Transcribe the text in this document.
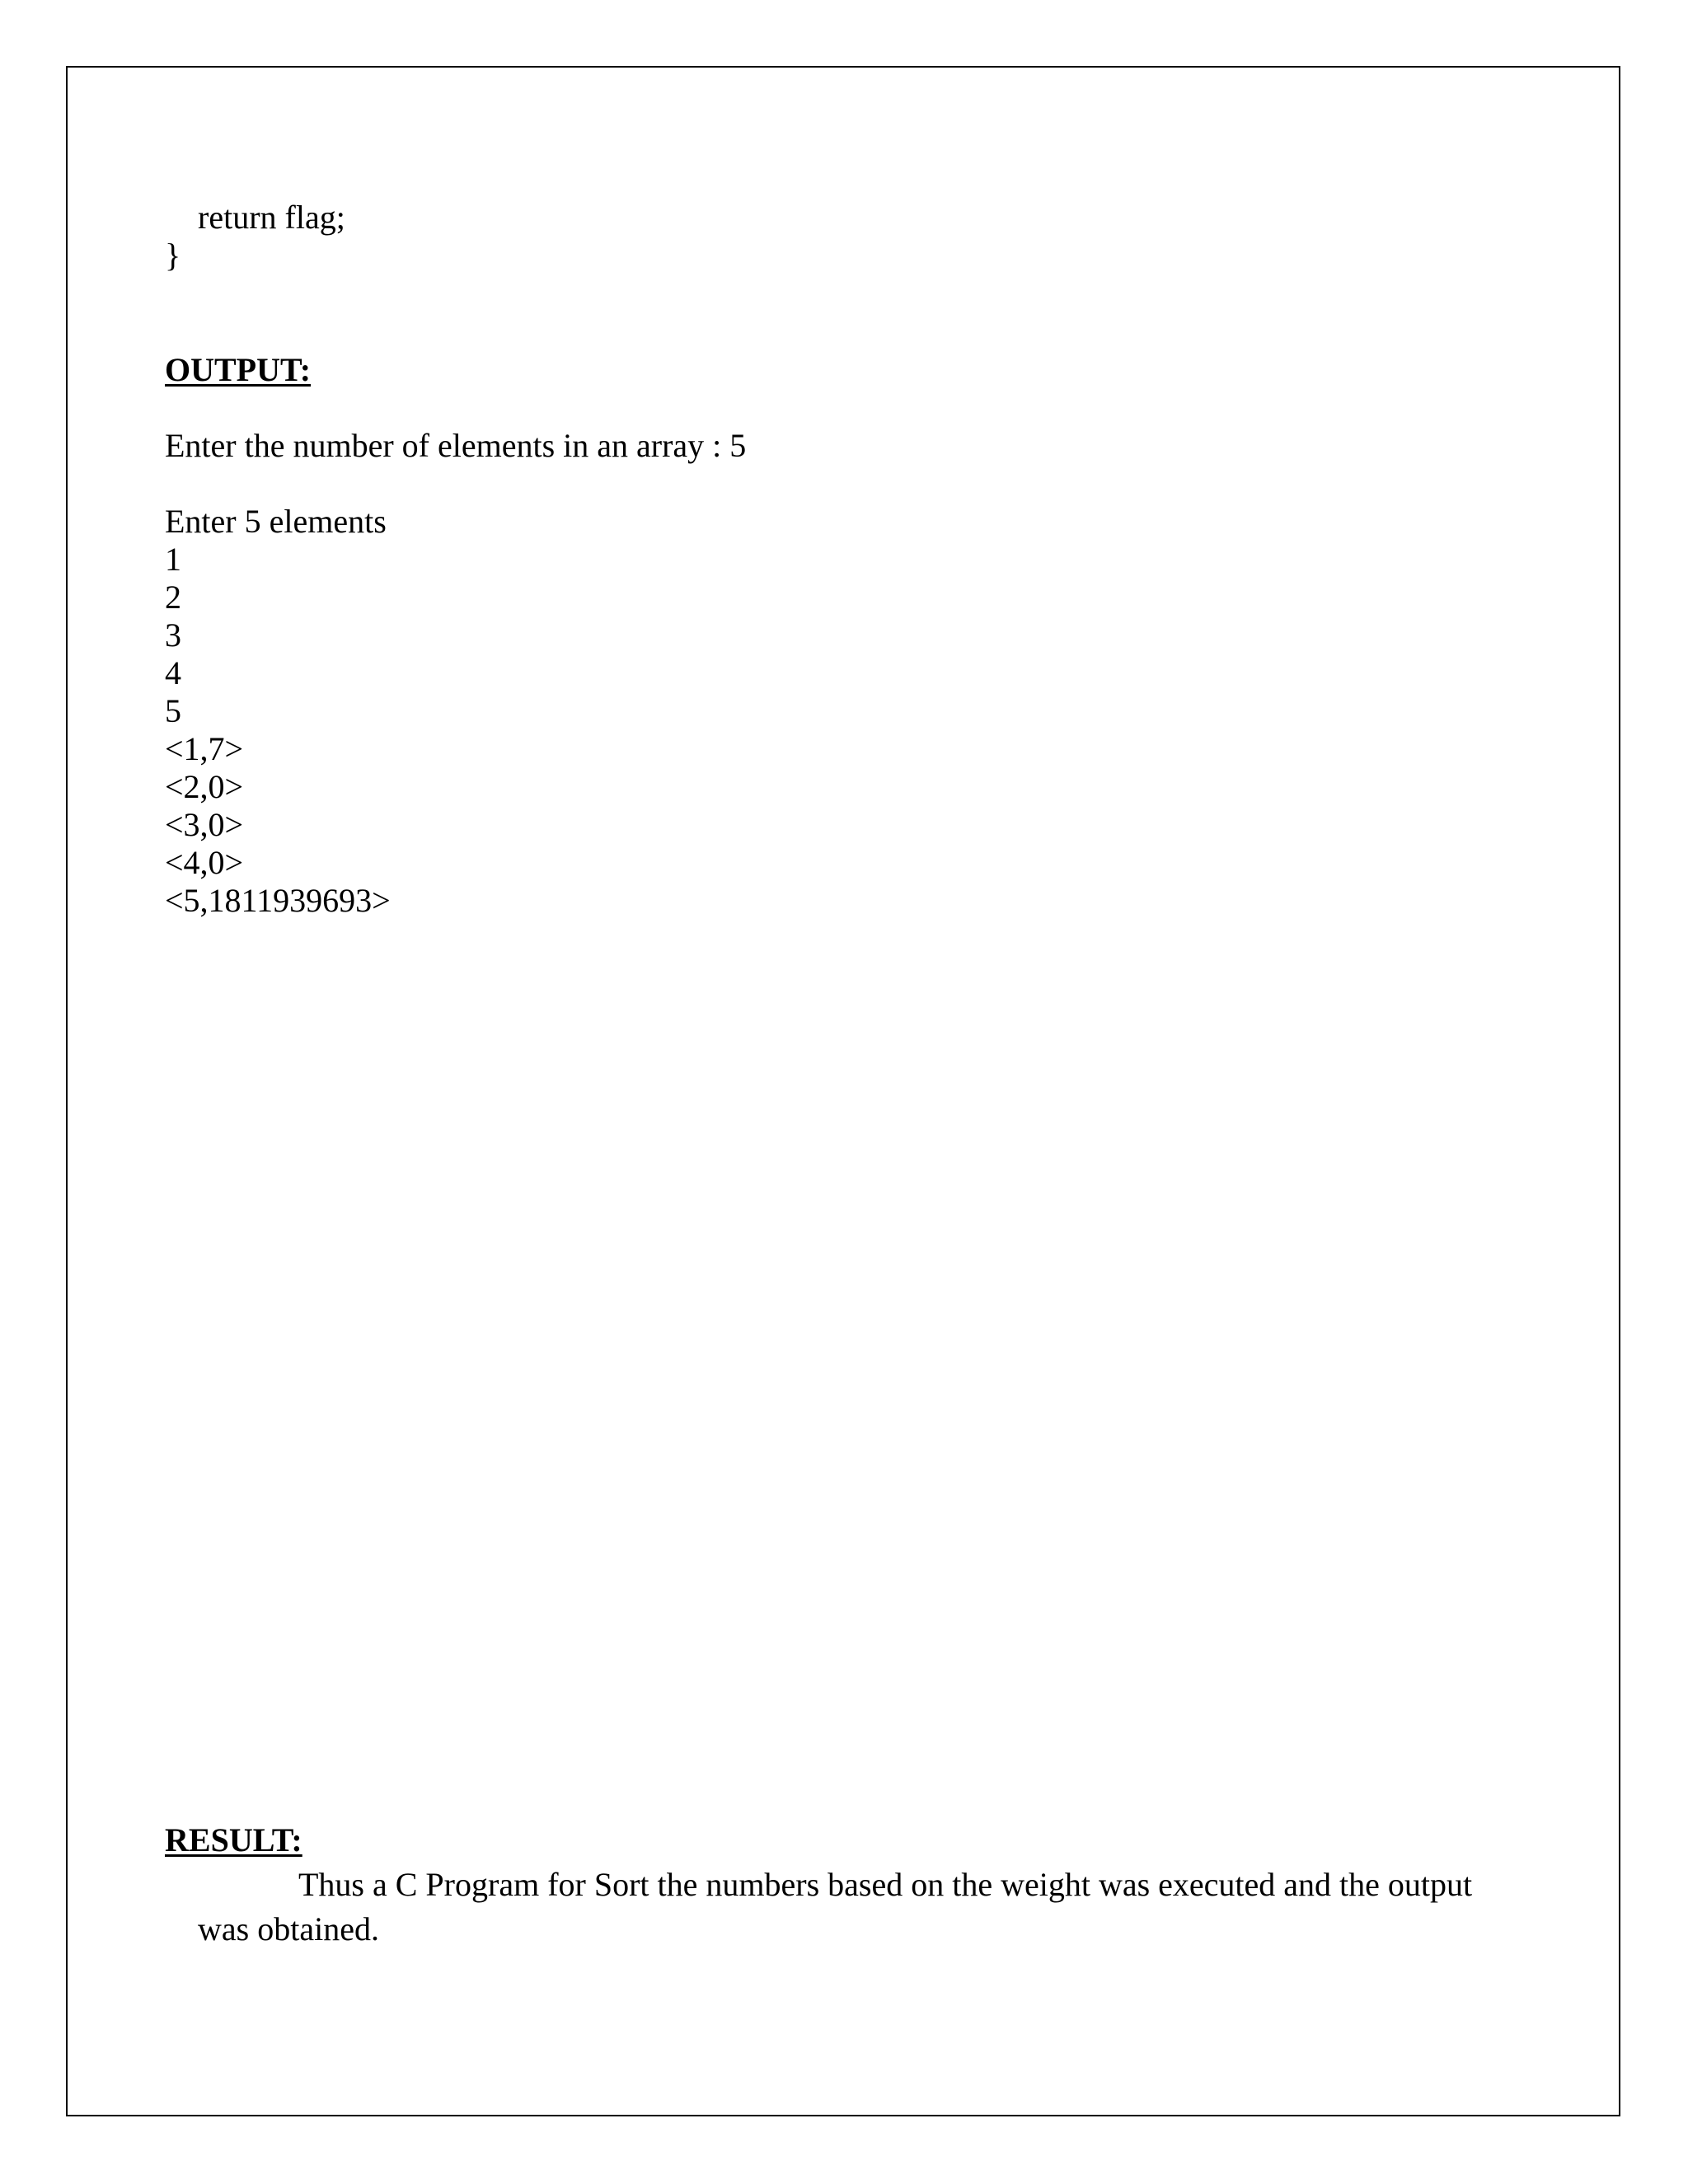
return flag;

}

OUTPUT:

Enter the number of elements in an array : 5

Enter 5 elements

1
2
3
4
5
<1,7>
<2,0>
<3,0>
<4,0>
<5,1811939693>

RESULT:

Thus a C Program for Sort the numbers based on the weight was executed and the output

was obtained.
